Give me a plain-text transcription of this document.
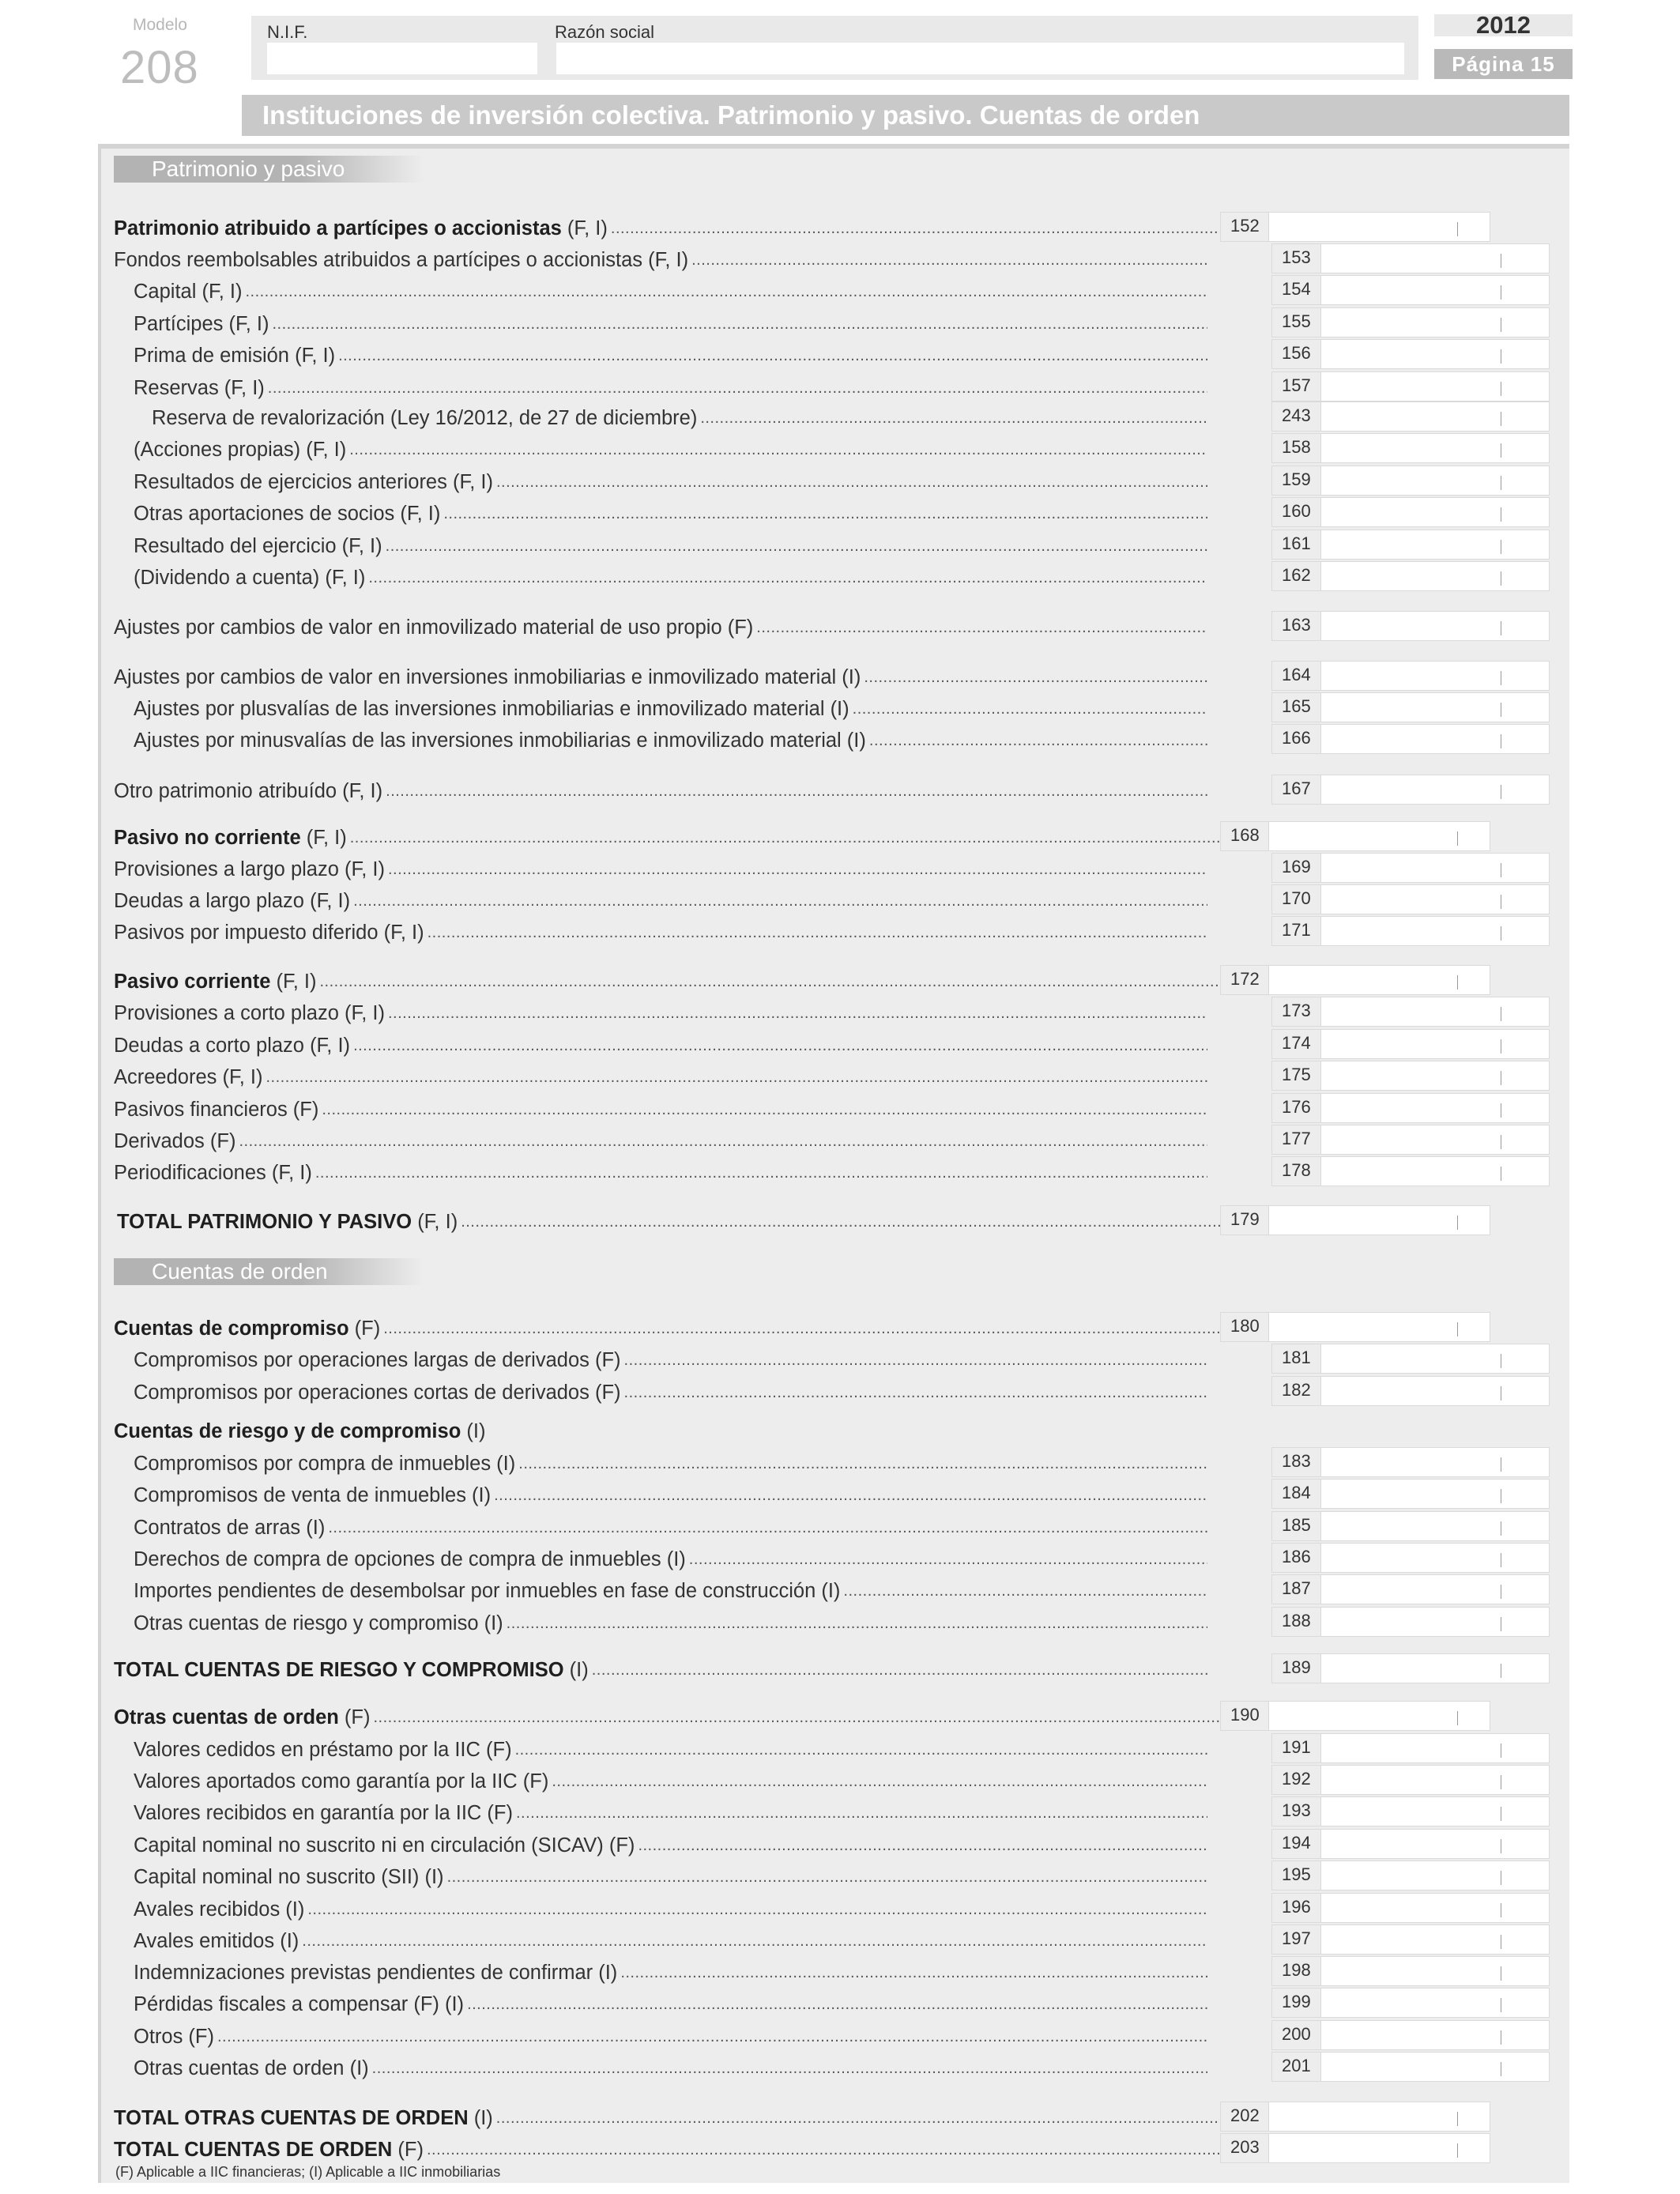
Modelo
208
N.I.F.	Razón social	2012
Página 15
Instituciones de inversión colectiva. Patrimonio y pasivo. Cuentas de orden
Patrimonio y pasivo
Cuentas de orden
Patrimonio atribuido a partícipes o accionistas (F, I) .....	152
Fondos reembolsables atribuidos a partícipes o accionistas (F, I) .....	153
Capital (F, I) .....	154
Partícipes (F, I) .....	155
Prima de emisión (F, I) .....	156
Reservas (F, I) .....	157
Reserva de revalorización (Ley 16/2012, de 27 de diciembre) .....	243
(Acciones propias) (F, I) .....	158
Resultados de ejercicios anteriores (F, I) .....	159
Otras aportaciones de socios (F, I) .....	160
Resultado del ejercicio (F, I) .....	161
(Dividendo a cuenta) (F, I) .....	162
Ajustes por cambios de valor en inmovilizado material de uso propio (F) .....	163
Ajustes por cambios de valor en inversiones inmobiliarias e inmovilizado material (I) .....	164
Ajustes por plusvalías de las inversiones inmobiliarias e inmovilizado material (I) .....	165
Ajustes por minusvalías de las inversiones inmobiliarias e inmovilizado material (I) .....	166
Otro patrimonio atribuído (F, I) .....	167
Pasivo no corriente (F, I) .....	168
Provisiones a largo plazo (F, I) .....	169
Deudas a largo plazo (F, I) .....	170
Pasivos por impuesto diferido (F, I) .....	171
Pasivo corriente (F, I) .....	172
Provisiones a corto plazo (F, I) .....	173
Deudas a corto plazo (F, I) .....	174
Acreedores (F, I) .....	175
Pasivos financieros (F) .....	176
Derivados (F) .....	177
Periodificaciones (F, I) .....	178
TOTAL PATRIMONIO Y PASIVO (F, I) .....	179
Cuentas de compromiso (F) .....	180
Compromisos por operaciones largas de derivados (F) .....	181
Compromisos por operaciones cortas de derivados (F) .....	182
Cuentas de riesgo y de compromiso (I)
Compromisos por compra de inmuebles (I) .....	183
Compromisos de venta de inmuebles (I) .....	184
Contratos de arras (I) .....	185
Derechos de compra de opciones de compra de inmuebles (I) .....	186
Importes pendientes de desembolsar por inmuebles en fase de construcción (I) .....	187
Otras cuentas de riesgo y compromiso (I) .....	188
TOTAL CUENTAS DE RIESGO Y COMPROMISO (I) .....	189
Otras cuentas de orden (F) .....	190
Valores cedidos en préstamo por la IIC (F) .....	191
Valores aportados como garantía por la IIC (F) .....	192
Valores recibidos en garantía por la IIC (F) .....	193
Capital nominal no suscrito ni en circulación (SICAV) (F) .....	194
Capital nominal no suscrito (SII) (I) .....	195
Avales recibidos (I) .....	196
Avales emitidos (I) .....	197
Indemnizaciones previstas pendientes de confirmar (I) .....	198
Pérdidas fiscales a compensar (F) (I) .....	199
Otros (F) .....	200
Otras cuentas de orden (I) .....	201
TOTAL OTRAS CUENTAS DE ORDEN (I) .....	202
TOTAL CUENTAS DE ORDEN (F) .....	203
(F) Aplicable a IIC financieras; (I) Aplicable a IIC inmobiliarias
